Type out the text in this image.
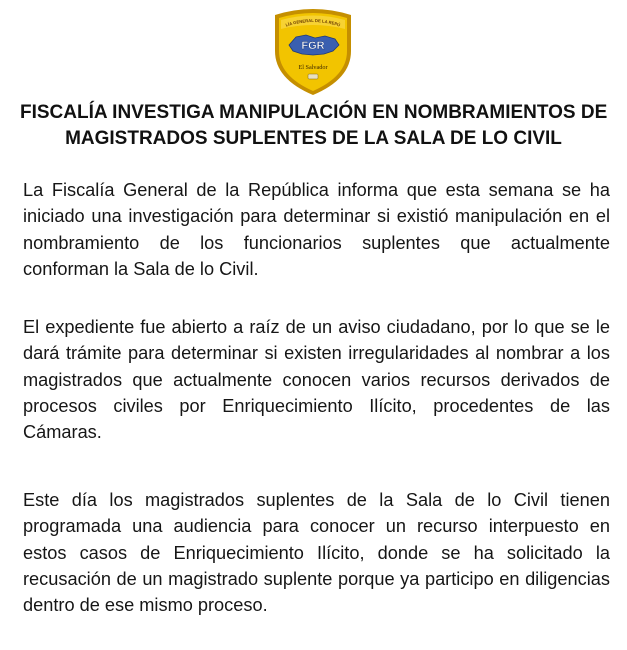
LÍA GENERAL DE LA REPÚ
FGR
El Salvador
FISCALÍA INVESTIGA MANIPULACIÓN EN NOMBRAMIENTOS DE
MAGISTRADOS SUPLENTES DE LA SALA DE LO CIVIL

La Fiscalía General de la República informa que esta semana se ha
iniciado una investigación para determinar si existió manipulación en el
nombramiento de los funcionarios suplentes que actualmente
conforman la Sala de lo Civil.

El expediente fue abierto a raíz de un aviso ciudadano, por lo que se le
dará trámite para determinar si existen irregularidades al nombrar a los
magistrados que actualmente conocen varios recursos derivados de
procesos civiles por Enriquecimiento Ilícito, procedentes de las
Cámaras.

Este día los magistrados suplentes de la Sala de lo Civil tienen
programada una audiencia para conocer un recurso interpuesto en
estos casos de Enriquecimiento Ilícito, donde se ha solicitado la
recusación de un magistrado suplente porque ya participo en diligencias
dentro de ese mismo proceso.
